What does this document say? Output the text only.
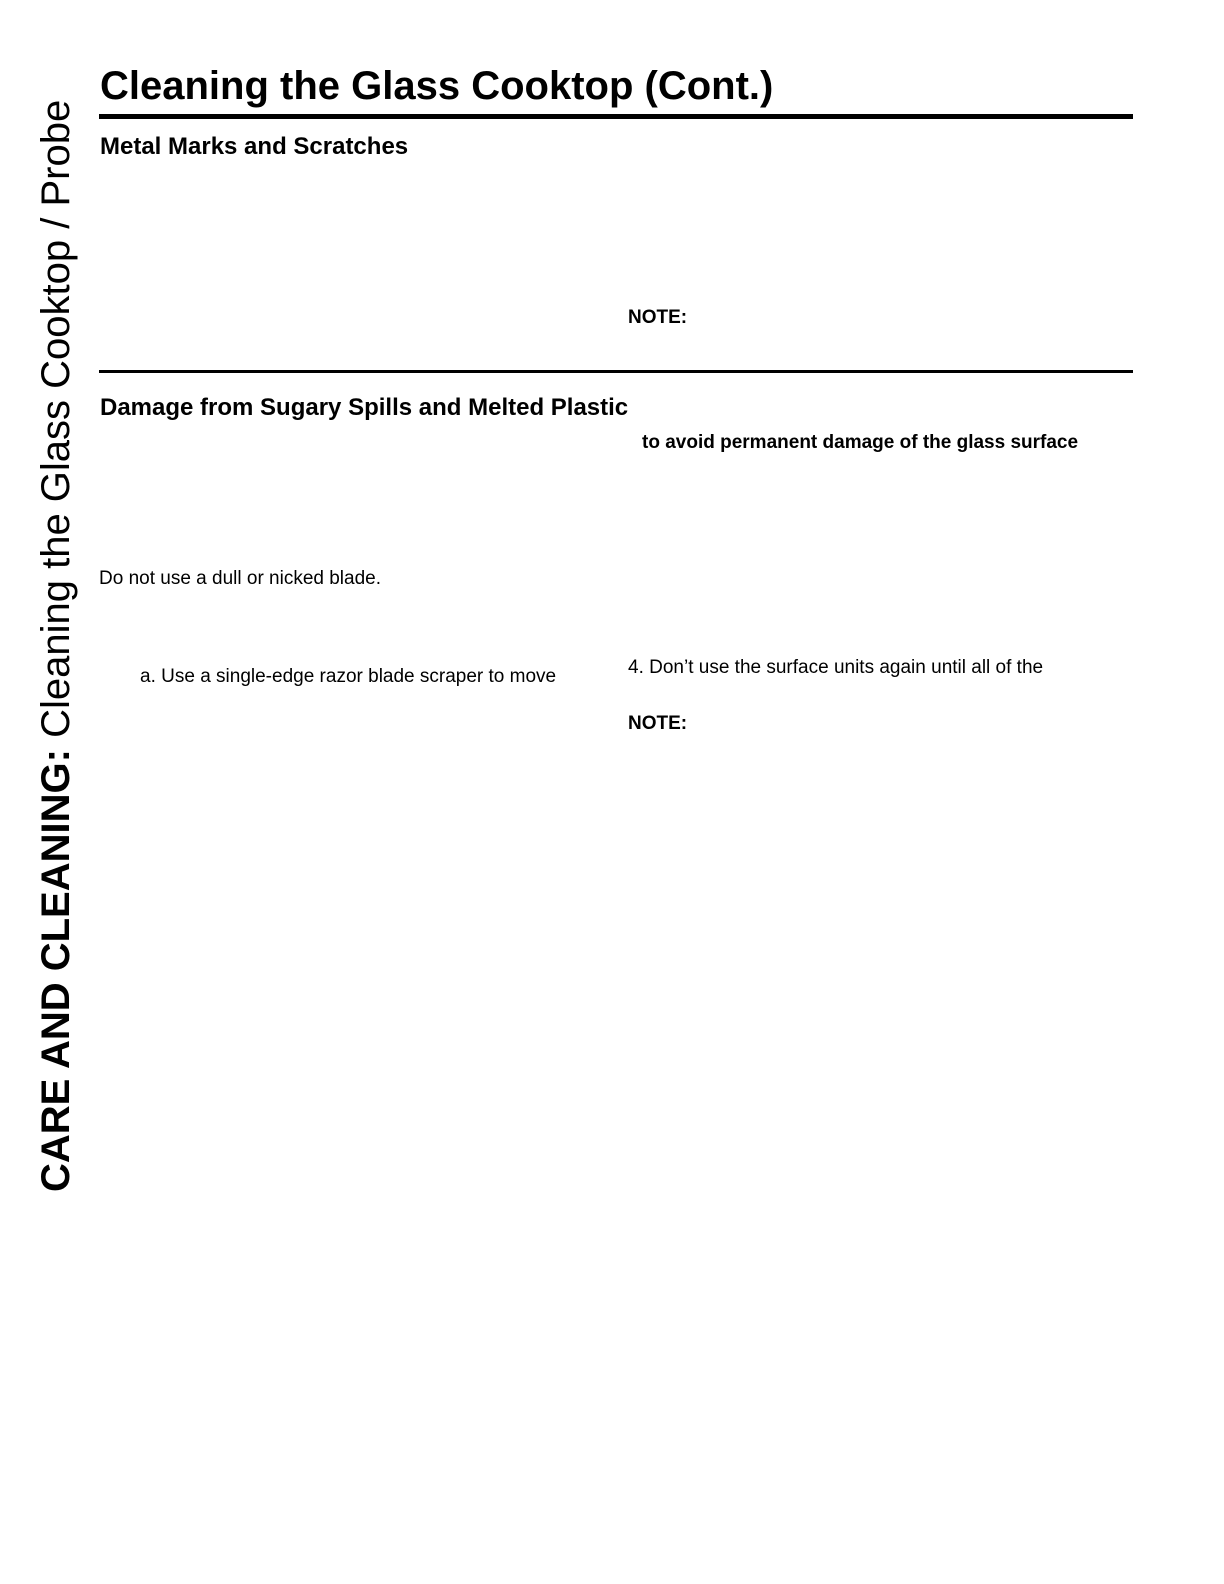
CARE AND CLEANING: Cleaning the Glass Cooktop / Probe
Cleaning the Glass Cooktop (Cont.)
Metal Marks and Scratches
NOTE:
Damage from Sugary Spills and Melted Plastic
to avoid permanent damage of the glass surface
Do not use a dull or nicked blade.
a. Use a single-edge razor blade scraper to move	4. Don’t use the surface units again until all of the
NOTE:
